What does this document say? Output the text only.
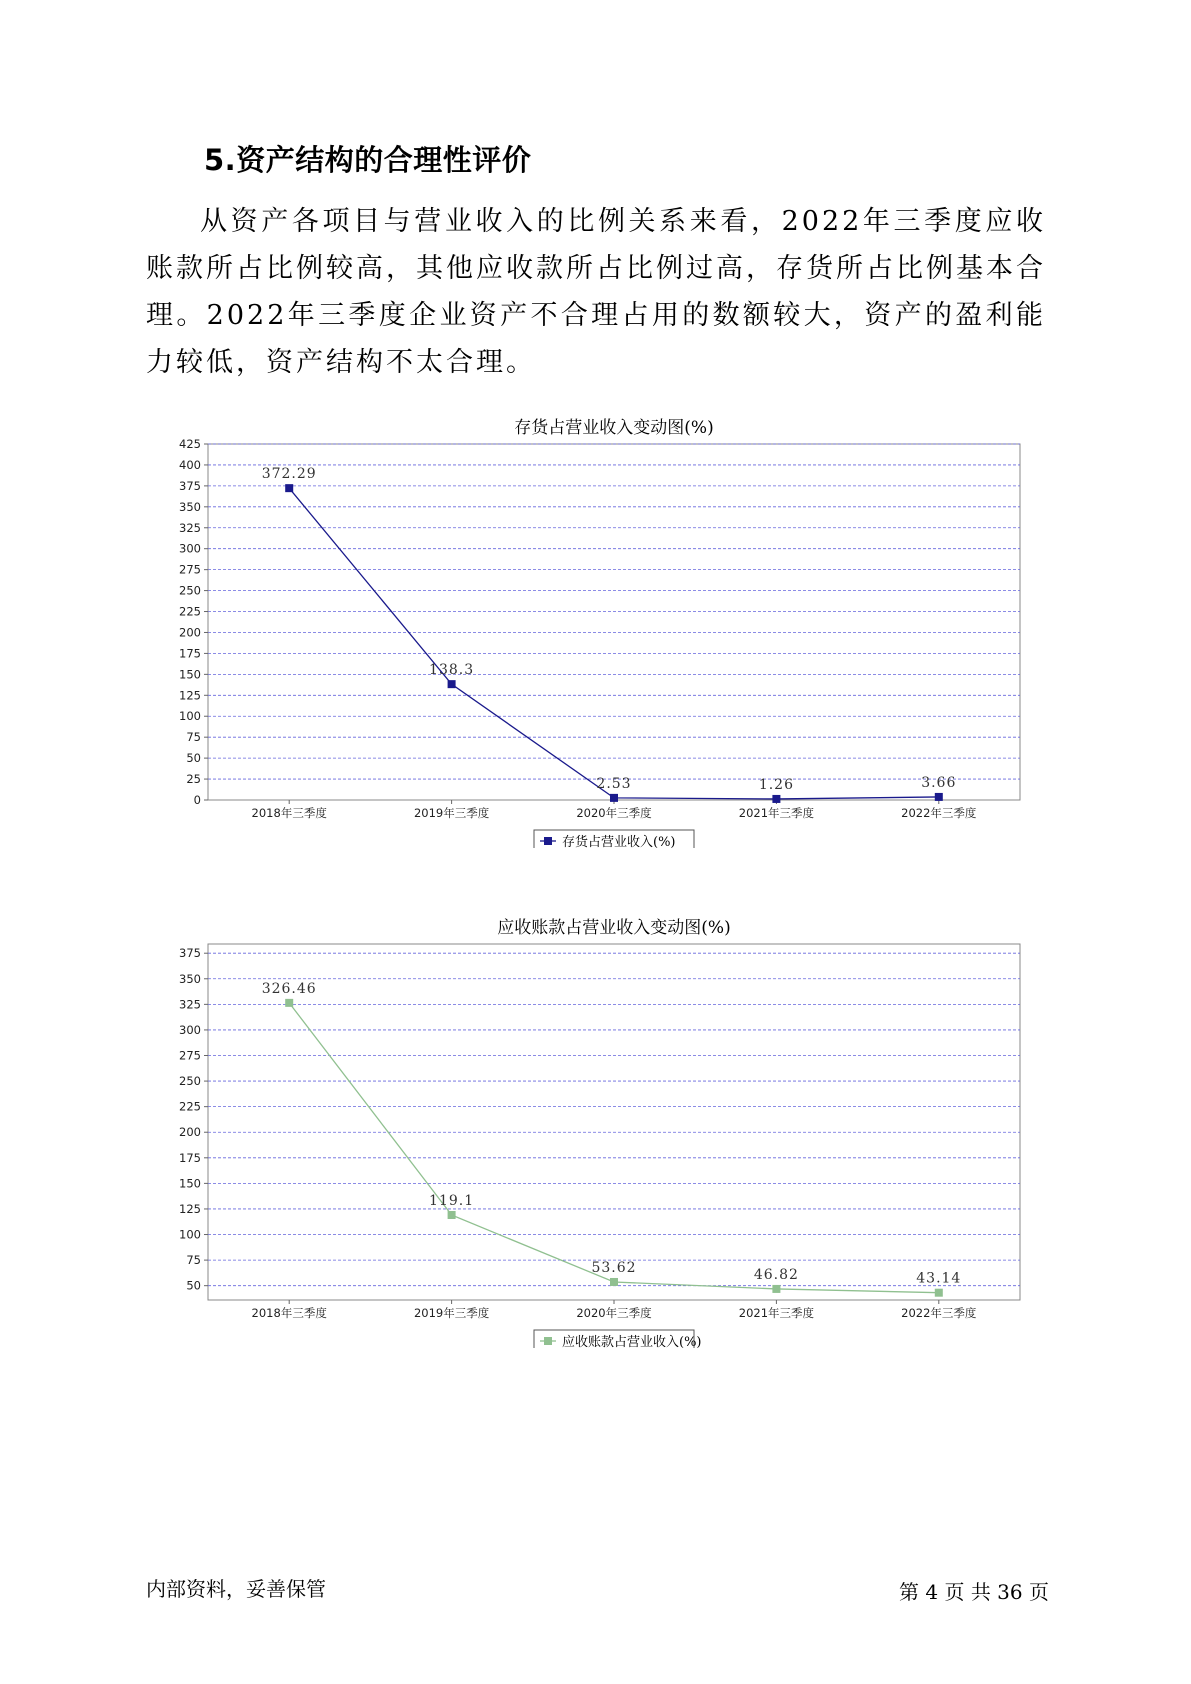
5.资产结构的合理性评价

从资产各项目与营业收入的比例关系来看，2022年三季度应收账款所占比例较高，其他应收款所占比例过高，存货所占比例基本合理。2022年三季度企业资产不合理占用的数额较大，资产的盈利能力较低，资产结构不太合理。

存货占营业收入变动图(%)
0
25
50
75
100
125
150
175
200
225
250
275
300
325
350
375
400
425
2018年三季度	2019年三季度	2020年三季度	2021年三季度	2022年三季度
372.29
138.3
2.53	1.26	3.66
存货占营业收入(%)
应收账款占营业收入变动图(%)
50
75
100
125
150
175
200
225
250
275
300
325
350
375
2018年三季度	2019年三季度	2020年三季度	2021年三季度	2022年三季度
326.46
119.1
53.62	46.82	43.14
应收账款占营业收入(%)
内部资料，妥善保管	第 4 页 共 36 页
